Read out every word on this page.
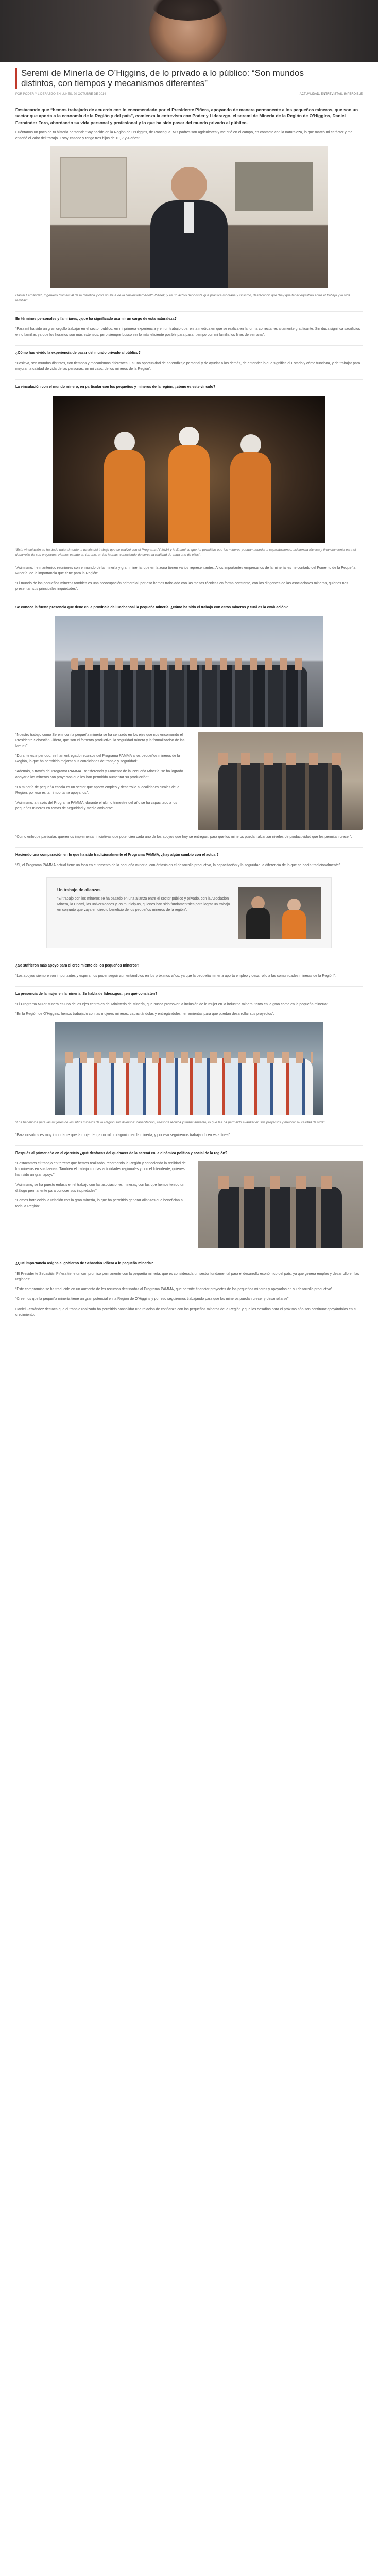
Seremi de Minería de O’Higgins, de lo privado a lo público: “Son mundos distintos, con tiempos y mecanismos diferentes”
POR PODER Y LIDERAZGO EN LUNES, 20 OCTUBRE DE 2014	ACTUALIDAD, ENTREVISTAS, IMPERDIBLE

Destacando que “hemos trabajado de acuerdo con lo encomendado por el Presidente Piñera, apoyando de manera permanente a los pequeños mineros, que son un sector que aporta a la economía de la Región y del país”, comienza la entrevista con Poder y Liderazgo, el seremi de Minería de la Región de O’Higgins, Daniel Fernández Toro, abordando su vida personal y profesional y lo que ha sido pasar del mundo privado al público.

Cuéntanos un poco de tu historia personal: “Soy nacido en la Región de O’Higgins, de Rancagua. Mis padres son agricultores y me crié en el campo, en contacto con la naturaleza, lo que marcó mi carácter y me enseñó el valor del trabajo. Estoy casado y tengo tres hijos de 10, 7 y 4 años”.

Daniel Fernández, Ingeniero Comercial de la Católica y con un MBA de la Universidad Adolfo Ibáñez, y es un activo deportista que practica montaña y ciclismo, destacando que “hay que tener equilibrio entre el trabajo y la vida familiar”.

En términos personales y familiares, ¿qué ha significado asumir un cargo de esta naturaleza?

“Para mí ha sido un gran orgullo trabajar en el sector público, en mi primera experiencia y en un trabajo que, en la medida en que se realiza en la forma correcta, es altamente gratificante. Sin duda significa sacrificios en lo familiar, ya que los horarios son más extensos, pero siempre busco ser lo más eficiente posible para pasar tiempo con mi familia los fines de semana”.

¿Cómo has vivido la experiencia de pasar del mundo privado al público?

“Positiva, son mundos distintos, con tiempos y mecanismos diferentes. Es una oportunidad de aprendizaje personal y de ayudar a los demás, de entender lo que significa el Estado y cómo funciona, y de trabajar para mejorar la calidad de vida de las personas, en mi caso, de los mineros de la Región”.

La vinculación con el mundo minero, en particular con los pequeños y mineros de la región, ¿cómo es este vínculo?

“Esta vinculación se ha dado naturalmente, a través del trabajo que se realizó con el Programa PAMMA y la Enami, lo que ha permitido que los mineros puedan acceder a capacitaciones, asistencia técnica y financiamiento para el desarrollo de sus proyectos. Hemos estado en terreno, en las faenas, conociendo de cerca la realidad de cada uno de ellos”.

“Asimismo, he mantenido reuniones con el mundo de la minería y gran minería, que en la zona tienen varios representantes. A los importantes empresarios de la minería les he contado del Fomento de la Pequeña Minería, de la importancia que tiene para la Región”.

“El mundo de los pequeños mineros también es una preocupación primordial, por eso hemos trabajado con las mesas técnicas en forma constante, con los dirigentes de las asociaciones mineras, quienes nos presentan sus principales inquietudes”.

Se conoce la fuerte presencia que tiene en la provincia del Cachapoal la pequeña minería, ¿cómo ha sido el trabajo con estos mineros y cuál es la evaluación?

“Nuestro trabajo como Seremi con la pequeña minería se ha centrado en los ejes que nos encomendó el Presidente Sebastián Piñera, que son el fomento productivo, la seguridad minera y la formalización de las faenas”.

“Durante este período, se han entregado recursos del Programa PAMMA a los pequeños mineros de la Región, lo que ha permitido mejorar sus condiciones de trabajo y seguridad”.

“Además, a través del Programa PAMMA Transferencia y Fomento de la Pequeña Minería, se ha logrado apoyar a los mineros con proyectos que les han permitido aumentar su producción”.

“La minería de pequeña escala es un sector que aporta empleo y desarrollo a localidades rurales de la Región, por eso es tan importante apoyarlos”.

“Asimismo, a través del Programa PAMMA, durante el último trimestre del año se ha capacitado a los pequeños mineros en temas de seguridad y medio ambiente”.

“Como enfoque particular, queremos implementar iniciativas que potencien cada uno de los apoyos que hoy se entregan, para que los mineros puedan alcanzar niveles de productividad que les permitan crecer”.

Haciendo una comparación en lo que ha sido tradicionalmente el Programa PAMMA, ¿hay algún cambio con el actual?

“Sí, el Programa PAMMA actual tiene un foco en el fomento de la pequeña minería, con énfasis en el desarrollo productivo, la capacitación y la seguridad, a diferencia de lo que se hacía tradicionalmente”.

Un trabajo de alianzas

“El trabajo con los mineros se ha basado en una alianza entre el sector público y privado, con la Asociación Minera, la Enami, las universidades y los municipios, quienes han sido fundamentales para lograr un trabajo en conjunto que vaya en directo beneficio de los pequeños mineros de la región”.

¿Se sufrieron más apoyo para el crecimiento de los pequeños mineros?

“Los apoyos siempre son importantes y esperamos poder seguir aumentándolos en los próximos años, ya que la pequeña minería aporta empleo y desarrollo a las comunidades mineras de la Región”.

La presencia de la mujer en la minería. Se habla de liderazgos, ¿en qué consisten?

“El Programa Mujer Minera es uno de los ejes centrales del Ministerio de Minería, que busca promover la inclusión de la mujer en la industria minera, tanto en la gran como en la pequeña minería”.

“En la Región de O’Higgins, hemos trabajado con las mujeres mineras, capacitándolas y entregándoles herramientas para que puedan desarrollar sus proyectos”.

“Los beneficios para las mujeres de los sitios mineros de la Región son diversos: capacitación, asesoría técnica y financiamiento, lo que les ha permitido avanzar en sus proyectos y mejorar su calidad de vida”.

“Para nosotros es muy importante que la mujer tenga un rol protagónico en la minería, y por eso seguiremos trabajando en esta línea”.

Después al primer año en el ejercicio ¿qué destacas del quehacer de la seremi en la dinámica política y social de la región?

“Destacamos el trabajo en terreno que hemos realizado, recorriendo la Región y conociendo la realidad de los mineros en sus faenas. También el trabajo con las autoridades regionales y con el Intendente, quienes han sido un gran apoyo”.

“Asimismo, se ha puesto énfasis en el trabajo con las asociaciones mineras, con las que hemos tenido un diálogo permanente para conocer sus inquietudes”.

“Hemos fortalecido la relación con la gran minería, lo que ha permitido generar alianzas que benefician a toda la Región”.

¿Qué importancia asigna el gobierno de Sebastián Piñera a la pequeña minería?

“El Presidente Sebastián Piñera tiene un compromiso permanente con la pequeña minería, que es considerada un sector fundamental para el desarrollo económico del país, ya que genera empleo y desarrollo en las regiones”.

“Este compromiso se ha traducido en un aumento de los recursos destinados al Programa PAMMA, que permite financiar proyectos de los pequeños mineros y apoyarlos en su desarrollo productivo”.

“Creemos que la pequeña minería tiene un gran potencial en la Región de O’Higgins y por eso seguiremos trabajando para que los mineros puedan crecer y desarrollarse”.

Daniel Fernández destaca que el trabajo realizado ha permitido consolidar una relación de confianza con los pequeños mineros de la Región y que los desafíos para el próximo año son continuar apoyándolos en su crecimiento.
